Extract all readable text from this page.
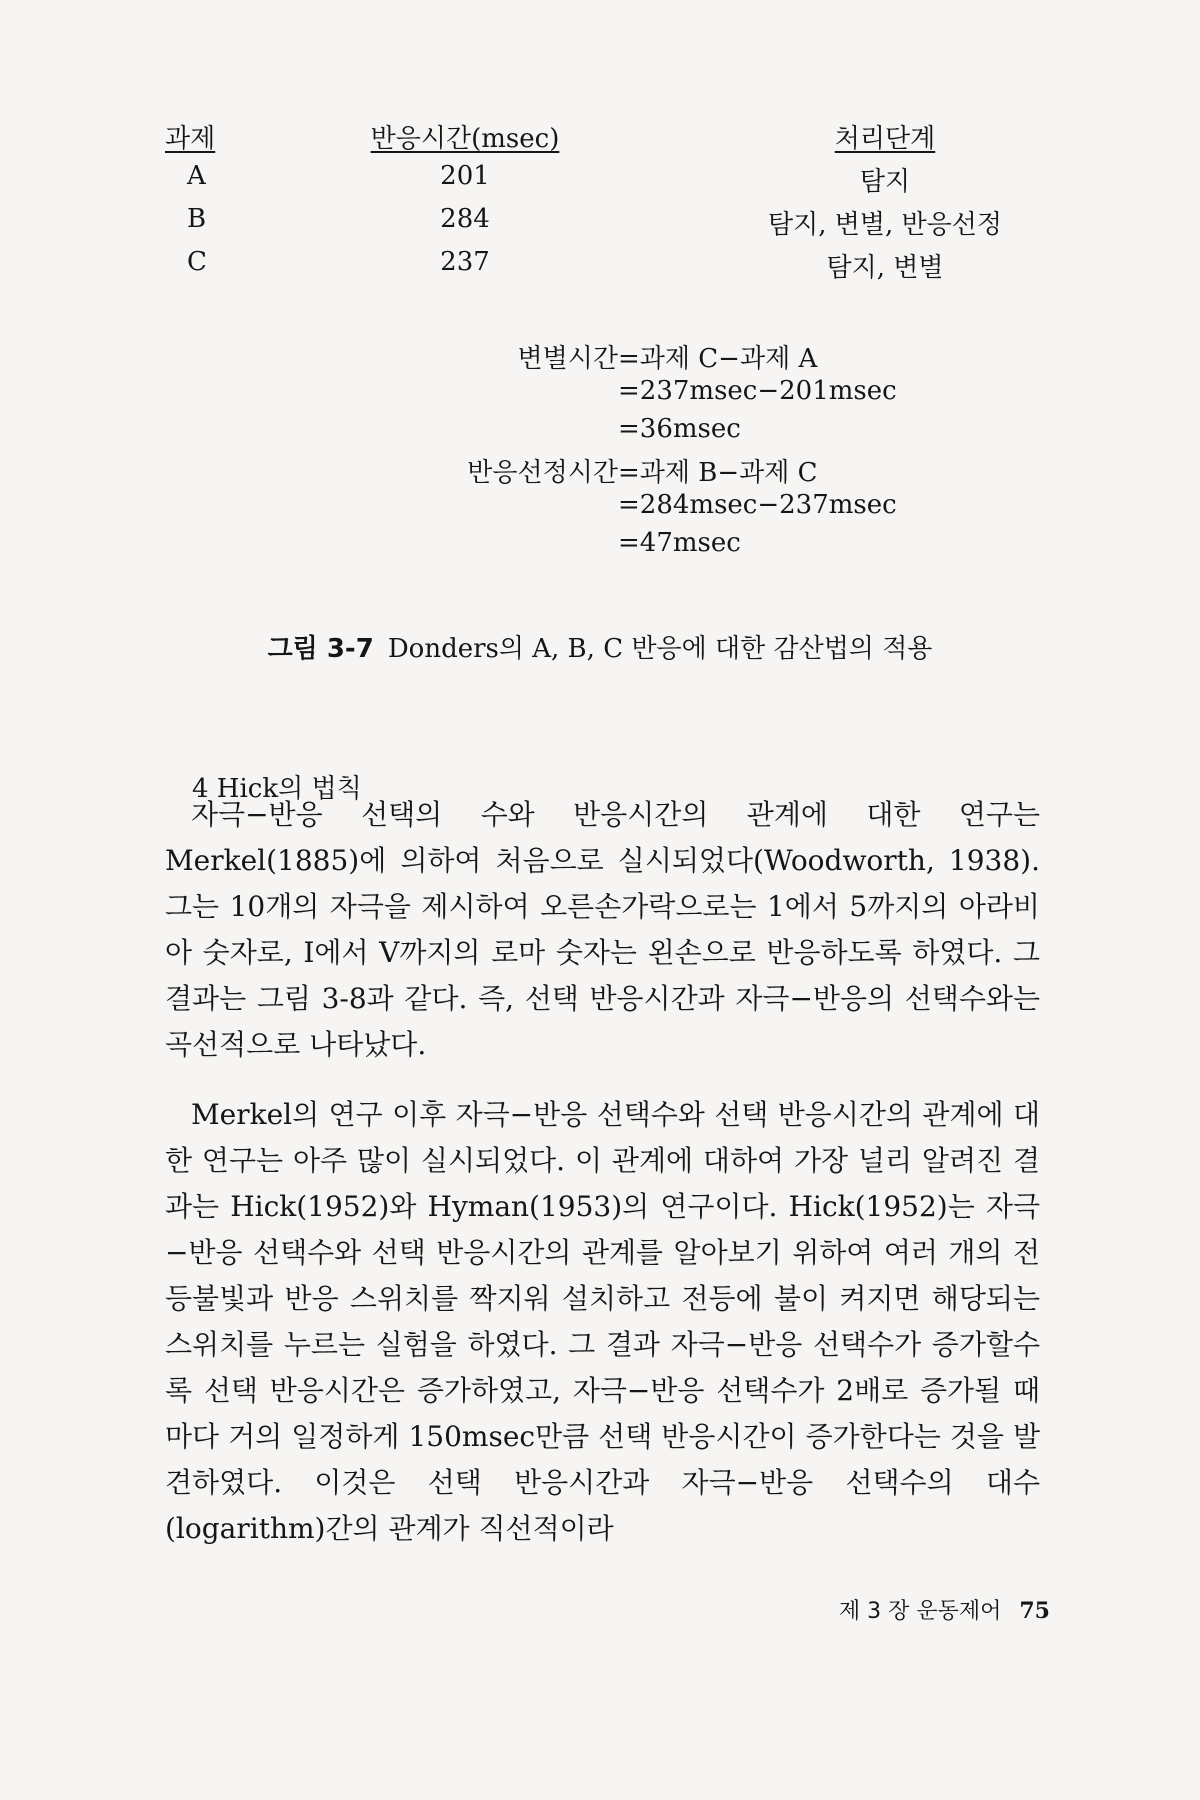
과제	반응시간(msec)	처리단계
A	201	탐지
B	284	탐지, 변별, 반응선정
C	237	탐지, 변별
변별시간=과제 C−과제 A
=237msec−201msec
=36msec
반응선정시간=과제 B−과제 C
=284msec−237msec
=47msec
그림 3-7 Donders의 A, B, C 반응에 대한 감산법의 적용
4 Hick의 법칙

자극−반응 선택의 수와 반응시간의 관계에 대한 연구는 Merkel(1885)에 의하여 처음으로 실시되었다(Woodworth, 1938). 그는 10개의 자극을 제시하여 오른손가락으로는 1에서 5까지의 아라비아 숫자로, I에서 V까지의 로마 숫자는 왼손으로 반응하도록 하였다. 그 결과는 그림 3-8과 같다. 즉, 선택 반응시간과 자극−반응의 선택수와는 곡선적으로 나타났다.

Merkel의 연구 이후 자극−반응 선택수와 선택 반응시간의 관계에 대한 연구는 아주 많이 실시되었다. 이 관계에 대하여 가장 널리 알려진 결과는 Hick(1952)와 Hyman(1953)의 연구이다. Hick(1952)는 자극−반응 선택수와 선택 반응시간의 관계를 알아보기 위하여 여러 개의 전등불빛과 반응 스위치를 짝지워 설치하고 전등에 불이 켜지면 해당되는 스위치를 누르는 실험을 하였다. 그 결과 자극−반응 선택수가 증가할수록 선택 반응시간은 증가하였고, 자극−반응 선택수가 2배로 증가될 때마다 거의 일정하게 150msec만큼 선택 반응시간이 증가한다는 것을 발견하였다. 이것은 선택 반응시간과 자극−반응 선택수의 대수(logarithm)간의 관계가 직선적이라

제 3 장 운동제어 75
